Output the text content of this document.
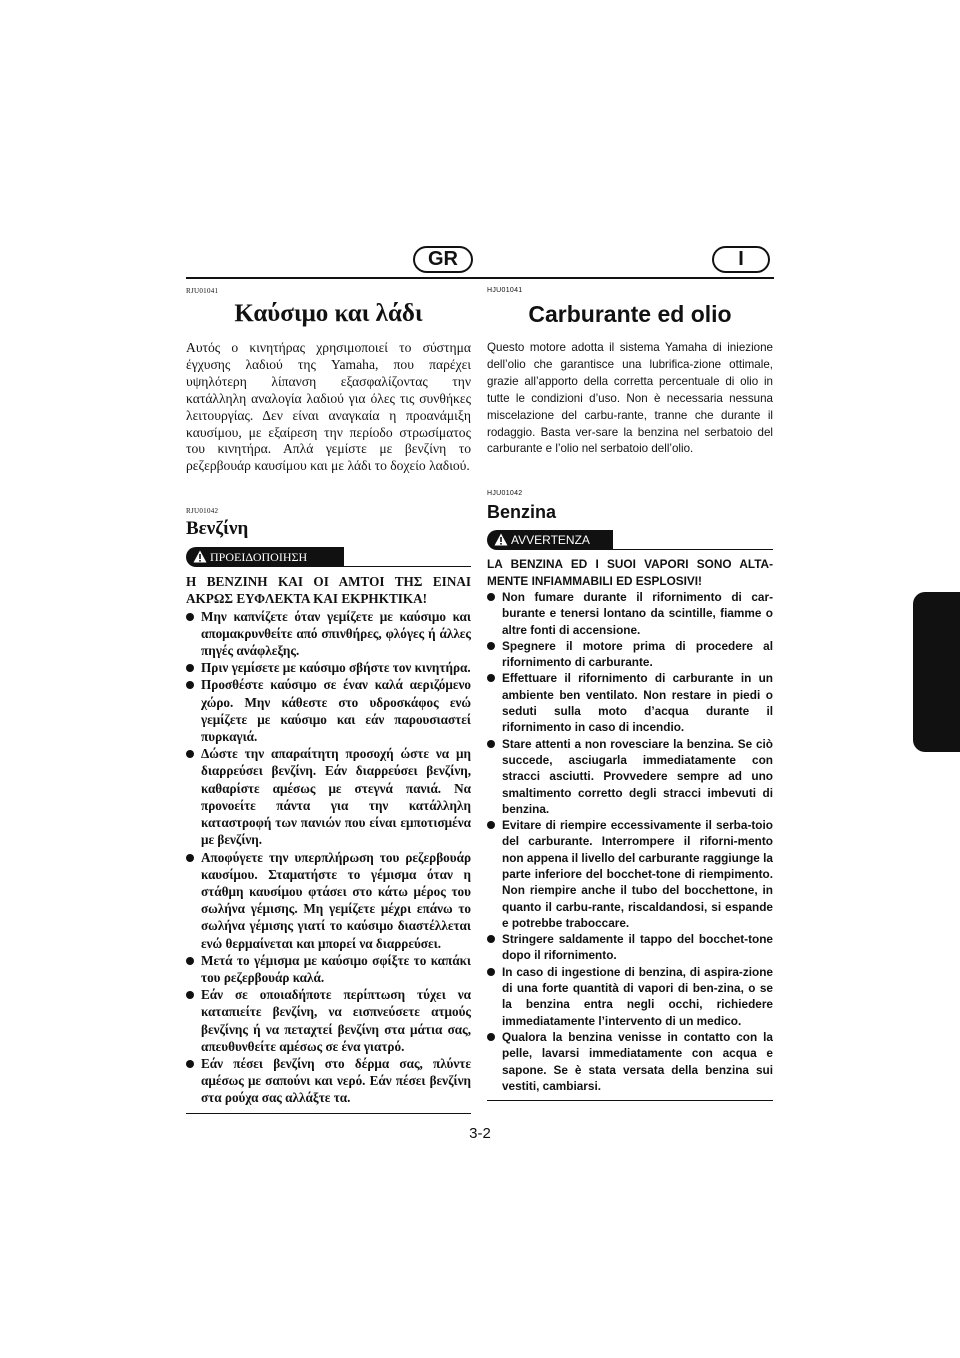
GR	I

RJU01041

Καύσιμο και λάδι

Αυτός ο κινητήρας χρησιμοποιεί το σύστημα έγχυσης λαδιού της Yamaha, που παρέχει υψηλότερη λίπανση εξασφαλίζοντας την κατάλληλη αναλογία λαδιού για όλες τις συνθήκες λειτουργίας. Δεν είναι αναγκαία η προανάμιξη καυσίμου, με εξαίρεση την περίοδο στρωσίματος του κινητήρα. Απλά γεμίστε με βενζίνη το ρεζερβουάρ καυσίμου και με λάδι το δοχείο λαδιού.

RJU01042

Βενζίνη
ΠΡΟΕΙΔΟΠΟΙΗΣΗ

Η ΒΕΝΖΙΝΗ ΚΑΙ ΟΙ ΑΜΤΟΙ ΤΗΣ ΕΙΝΑΙ ΑΚΡΩΣ ΕΥΦΛΕΚΤΑ ΚΑΙ ΕΚΡΗΚΤΙΚΑ!

Μην καπνίζετε όταν γεμίζετε με καύσιμο και απομακρυνθείτε από σπινθήρες, φλόγες ή άλλες πηγές ανάφλεξης.
Πριν γεμίσετε με καύσιμο σβήστε τον κινητήρα.
Προσθέστε καύσιμο σε έναν καλά αεριζόμενο χώρο. Μην κάθεστε στο υδροσκάφος ενώ γεμίζετε με καύσιμο και εάν παρουσιαστεί πυρκαγιά.
Δώστε την απαραίτητη προσοχή ώστε να μη διαρρεύσει βενζίνη. Εάν διαρρεύσει βενζίνη, καθαρίστε αμέσως με στεγνά πανιά. Να προνοείτε πάντα για την κατάλληλη καταστροφή των πανιών που είναι εμποτισμένα με βενζίνη.
Αποφύγετε την υπερπλήρωση του ρεζερβουάρ καυσίμου. Σταματήστε το γέμισμα όταν η στάθμη καυσίμου φτάσει στο κάτω μέρος του σωλήνα γέμισης. Μη γεμίζετε μέχρι επάνω το σωλήνα γέμισης γιατί το καύσιμο διαστέλλεται ενώ θερμαίνεται και μπορεί να διαρρεύσει.
Μετά το γέμισμα με καύσιμο σφίξτε το καπάκι του ρεζερβουάρ καλά.
Εάν σε οποιαδήποτε περίπτωση τύχει να καταπιείτε βενζίνη, να εισπνεύσετε ατμούς βενζίνης ή να πεταχτεί βενζίνη στα μάτια σας, απευθυνθείτε αμέσως σε ένα γιατρό.
Εάν πέσει βενζίνη στο δέρμα σας, πλύντε αμέσως με σαπούνι και νερό. Εάν πέσει βενζίνη στα ρούχα σας αλλάξτε τα.

HJU01041

Carburante ed olio

Questo motore adotta il sistema Yamaha di iniezione dell’olio che garantisce una lubrifica-zione ottimale, grazie all’apporto della corretta percentuale di olio in tutte le condizioni d’uso. Non è necessaria nessuna miscelazione del carbu-rante, tranne che durante il rodaggio. Basta ver-sare la benzina nel serbatoio del carburante e l’olio nel serbatoio dell’olio.

HJU01042

Benzina
AVVERTENZA

LA BENZINA ED I SUOI VAPORI SONO ALTA-MENTE INFIAMMABILI ED ESPLOSIVI!

Non fumare durante il rifornimento di car-burante e tenersi lontano da scintille, fiamme o altre fonti di accensione.
Spegnere il motore prima di procedere al rifornimento di carburante.
Effettuare il rifornimento di carburante in un ambiente ben ventilato. Non restare in piedi o seduti sulla moto d’acqua durante il rifornimento in caso di incendio.
Stare attenti a non rovesciare la benzina. Se ciò succede, asciugarla immediatamente con stracci asciutti. Provvedere sempre ad uno smaltimento corretto degli stracci imbevuti di benzina.
Evitare di riempire eccessivamente il serba-toio del carburante. Interrompere il riforni-mento non appena il livello del carburante raggiunge la parte inferiore del bocchet-tone di riempimento. Non riempire anche il tubo del bocchettone, in quanto il carbu-rante, riscaldandosi, si espande e potrebbe traboccare.
Stringere saldamente il tappo del bocchet-tone dopo il rifornimento.
In caso di ingestione di benzina, di aspira-zione di una forte quantità di vapori di ben-zina, o se la benzina entra negli occhi, richiedere immediatamente l’intervento di un medico.
Qualora la benzina venisse in contatto con la pelle, lavarsi immediatamente con acqua e sapone. Se è stata versata della benzina sui vestiti, cambiarsi.
3-2
